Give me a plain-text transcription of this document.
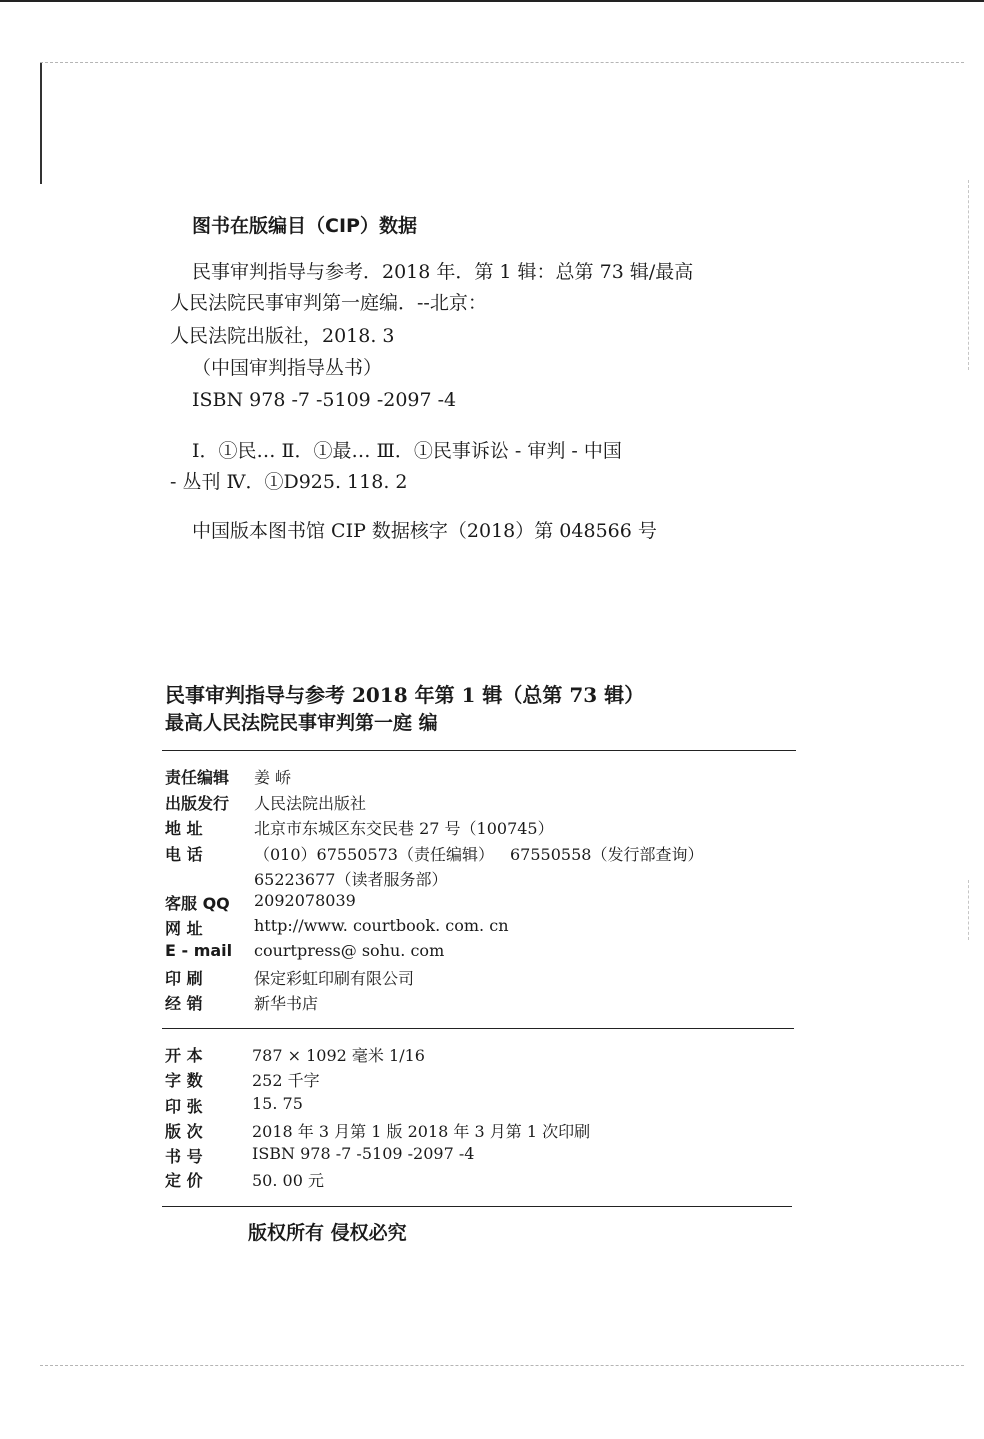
图书在版编目（CIP）数据
民事审判指导与参考．2018 年．第 1 辑：总第 73 辑/最高
人民法院民事审判第一庭编．--北京：
人民法院出版社，2018. 3
（中国审判指导丛书）
ISBN 978 -7 -5109 -2097 -4
Ⅰ．①民… Ⅱ．①最… Ⅲ．①民事诉讼 - 审判 - 中国
- 丛刊 Ⅳ．①D925. 118. 2
中国版本图书馆 CIP 数据核字（2018）第 048566 号
民事审判指导与参考 2018 年第 1 辑（总第 73 辑）
最高人民法院民事审判第一庭 编
责任编辑 姜 峤
出版发行 人民法院出版社
地 址	北京市东城区东交民巷 27 号（100745）
电 话	（010）67550573（责任编辑） 67550558（发行部查询）
65223677（读者服务部）
客服 QQ 2092078039
网 址	http://www. courtbook. com. cn
E - mail courtpress@ sohu. com
印 刷	保定彩虹印刷有限公司
经 销	新华书店
开 本	787 × 1092 毫米 1/16
字 数	252 千字
印 张	15. 75
版 次	2018 年 3 月第 1 版 2018 年 3 月第 1 次印刷
书 号	ISBN 978 -7 -5109 -2097 -4
定 价	50. 00 元
版权所有 侵权必究
